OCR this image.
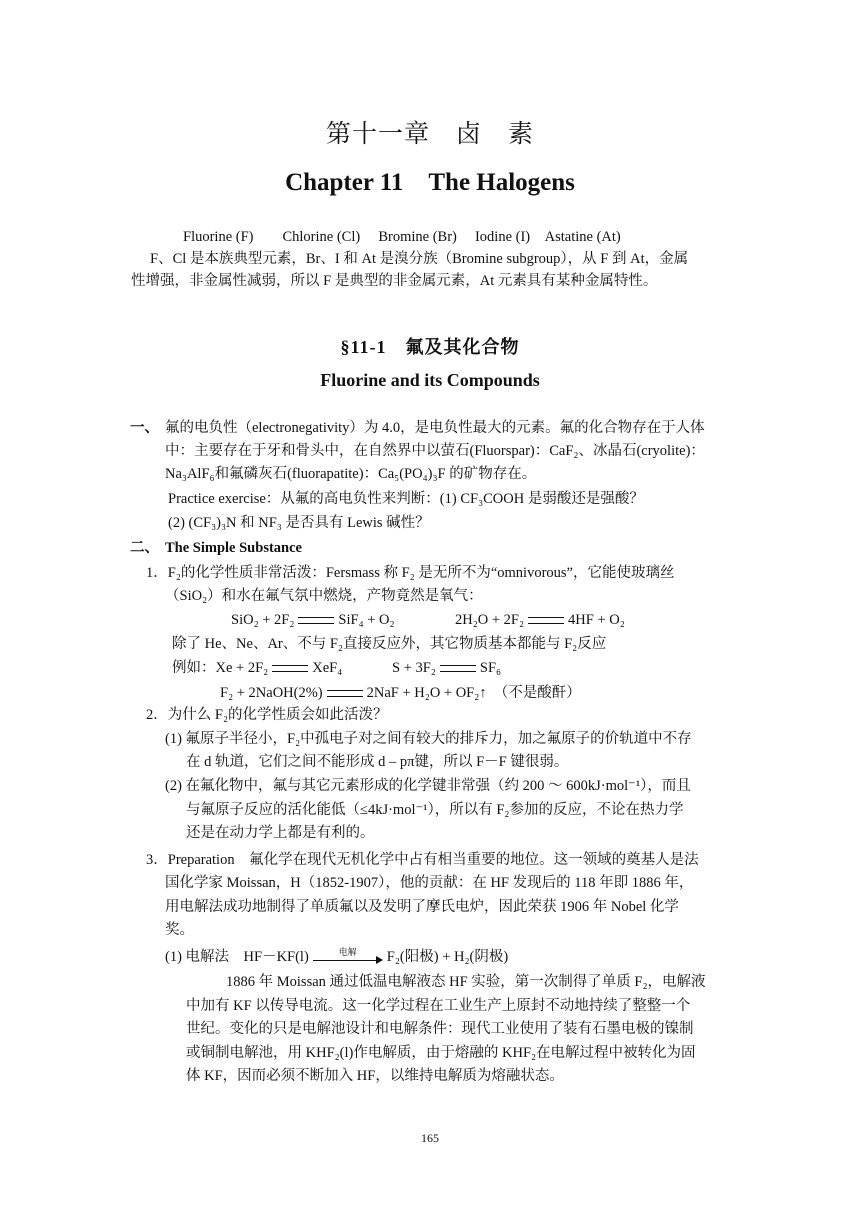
第十一章　卤　素
Chapter 11　The Halogens
Fluorine (F)　　Chlorine (Cl)　 Bromine (Br)　 Iodine (I)　Astatine (At)
F、Cl 是本族典型元素，Br、I 和 At 是溴分族（Bromine subgroup），从 F 到 At，金属
性增强，非金属性减弱，所以 F 是典型的非金属元素，At 元素具有某种金属特性。
§11-1　氟及其化合物
Fluorine and its Compounds
一、 氟的电负性（electronegativity）为 4.0，是电负性最大的元素。氟的化合物存在于人体
中：主要存在于牙和骨头中，在自然界中以萤石(Fluorspar)：CaF₂、冰晶石(cryolite)：
Na₃AlF₆和氟磷灰石(fluorapatite)：Ca₅(PO₄)₃F 的矿物存在。
Practice exercise：从氟的高电负性来判断：(1) CF₃COOH 是弱酸还是强酸？
(2) (CF₃)₃N 和 NF₃ 是否具有 Lewis 碱性？
二、 The Simple Substance
1．F₂的化学性质非常活泼：Fersmass 称 F₂ 是无所不为“omnivorous”，它能使玻璃丝
（SiO₂）和水在氟气氛中燃烧，产物竟然是氧气：
SiO₂ + 2F₂	SiF₄ + O₂	2H₂O + 2F₂	4HF + O₂
除了 He、Ne、Ar、不与 F₂直接反应外，其它物质基本都能与 F₂反应
例如：Xe + 2F₂	XeF₄	S + 3F₂	SF₆
F₂ + 2NaOH(2%)	2NaF + H₂O + OF₂↑　（不是酸酐）
2．为什么 F₂的化学性质会如此活泼？
(1) 氟原子半径小，F₂中孤电子对之间有较大的排斥力，加之氟原子的价轨道中不存
在 d 轨道，它们之间不能形成 d – pπ键，所以 F－F 键很弱。
(2) 在氟化物中，氟与其它元素形成的化学键非常强（约 200 ～ 600kJ·mol⁻¹），而且
与氟原子反应的活化能低（≤4kJ·mol⁻¹），所以有 F₂参加的反应，不论在热力学
还是在动力学上都是有利的。
3．Preparation　氟化学在现代无机化学中占有相当重要的地位。这一领域的奠基人是法
国化学家 Moissan，H（1852-1907），他的贡献：在 HF 发现后的 118 年即 1886 年，
用电解法成功地制得了单质氟以及发明了摩氏电炉，因此荣获 1906 年 Nobel 化学
奖。
(1) 电解法　HF－KF(l)	电解	F₂(阳极) + H₂(阴极)
1886 年 Moissan 通过低温电解液态 HF 实验，第一次制得了单质 F₂，电解液
中加有 KF 以传导电流。这一化学过程在工业生产上原封不动地持续了整整一个
世纪。变化的只是电解池设计和电解条件：现代工业使用了装有石墨电极的镍制
或铜制电解池，用 KHF₂(l)作电解质，由于熔融的 KHF₂在电解过程中被转化为固
体 KF，因而必须不断加入 HF，以维持电解质为熔融状态。
165
